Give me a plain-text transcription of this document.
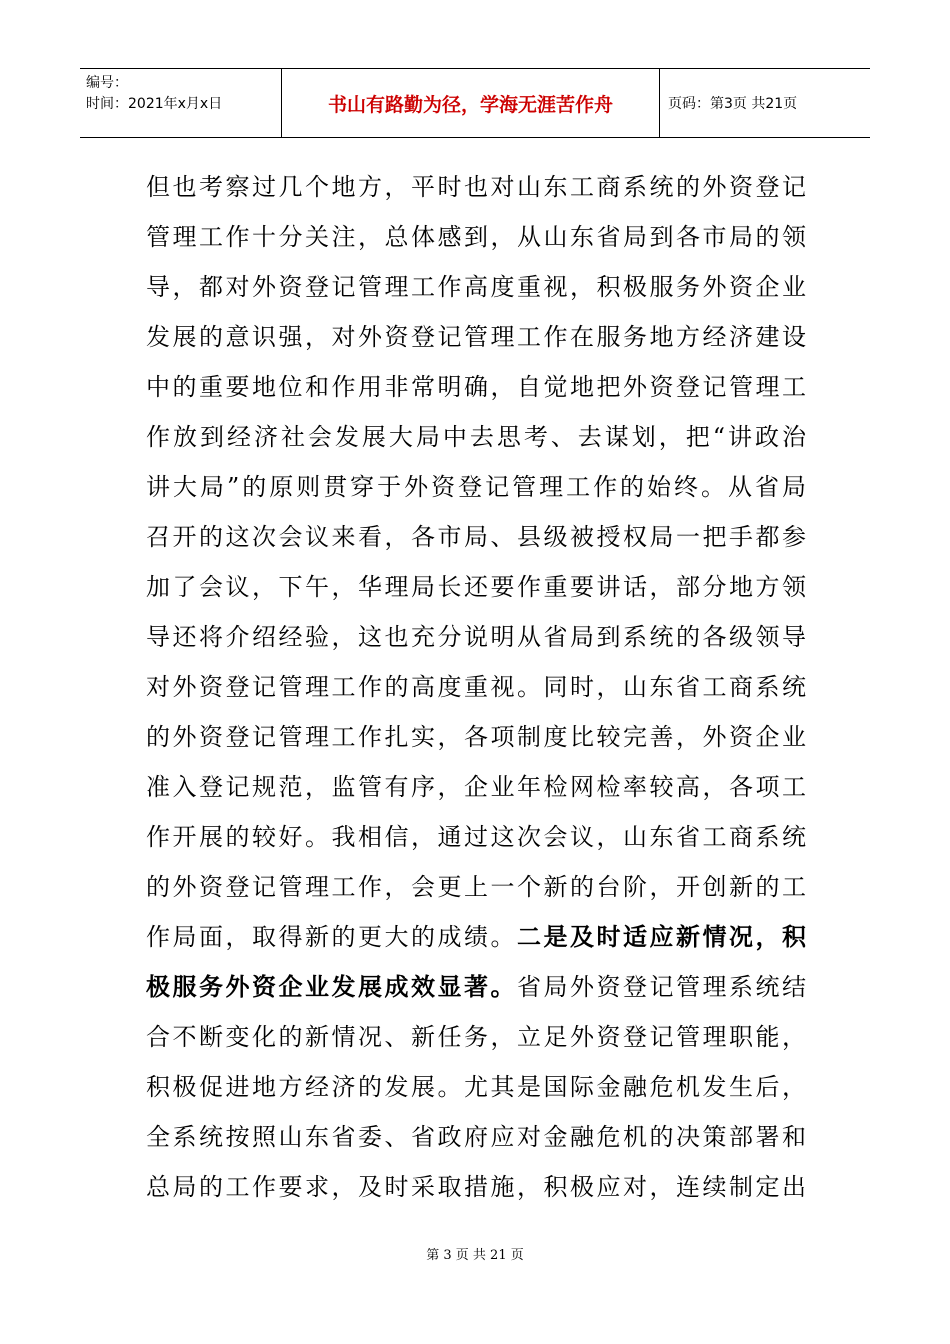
编号：
时间：2021年x月x日	书山有路勤为径，学海无涯苦作舟	页码：第3页 共21页
但也考察过几个地方，平时也对山东工商系统的外资登记
管理工作十分关注，总体感到，从山东省局到各市局的领
导，都对外资登记管理工作高度重视，积极服务外资企业
发展的意识强，对外资登记管理工作在服务地方经济建设
中的重要地位和作用非常明确，自觉地把外资登记管理工
作放到经济社会发展大局中去思考、去谋划，把“讲政治
讲大局”的原则贯穿于外资登记管理工作的始终。从省局
召开的这次会议来看，各市局、县级被授权局一把手都参
加了会议，下午，华理局长还要作重要讲话，部分地方领
导还将介绍经验，这也充分说明从省局到系统的各级领导
对外资登记管理工作的高度重视。同时，山东省工商系统
的外资登记管理工作扎实，各项制度比较完善，外资企业
准入登记规范，监管有序，企业年检网检率较高，各项工
作开展的较好。我相信，通过这次会议，山东省工商系统
的外资登记管理工作，会更上一个新的台阶，开创新的工
作局面，取得新的更大的成绩。二是及时适应新情况，积
极服务外资企业发展成效显著。省局外资登记管理系统结
合不断变化的新情况、新任务，立足外资登记管理职能，
积极促进地方经济的发展。尤其是国际金融危机发生后，
全系统按照山东省委、省政府应对金融危机的决策部署和
总局的工作要求，及时采取措施，积极应对，连续制定出
第 3 页 共 21 页
